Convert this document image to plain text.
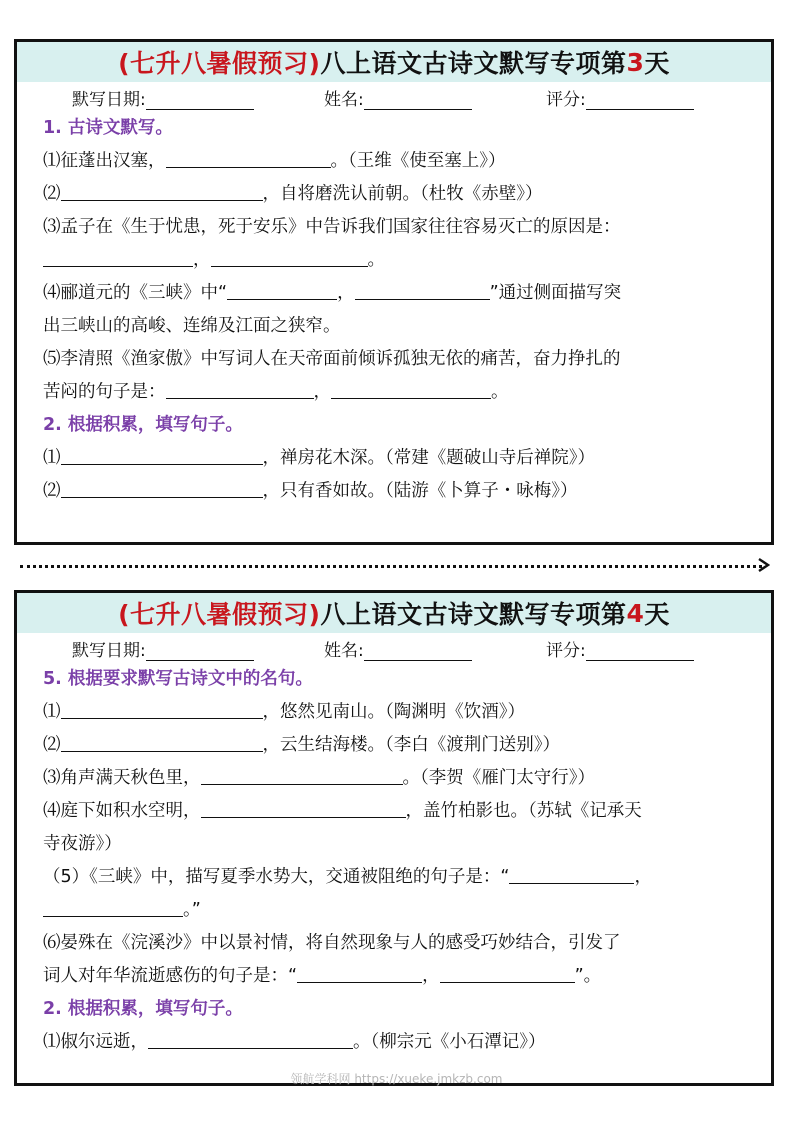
(七升八暑假预习) 八上语文古诗文默写专项第 3 天
默写日期:	姓名:	评分:
1. 古诗文默写。
⑴征蓬出汉塞，	。（王维《使至塞上》）
⑵	，自将磨洗认前朝。（杜牧《赤壁》）
⑶孟子在《生于忧患，死于安乐》中告诉我们国家往往容易灭亡的原因是：
，	。
⑷郦道元的《三峡》中“	，	”通过侧面描写突
出三峡山的高峻、连绵及江面之狭窄。
⑸李清照《渔家傲》中写词人在天帝面前倾诉孤独无依的痛苦，奋力挣扎的
苦闷的句子是：	，	。
2. 根据积累，填写句子。
⑴	，禅房花木深。（常建《题破山寺后禅院》）
⑵	，只有香如故。（陆游《卜算子・咏梅》）
(七升八暑假预习) 八上语文古诗文默写专项第 4 天
默写日期:	姓名:	评分:
5. 根据要求默写古诗文中的名句。
⑴	，悠然见南山。（陶渊明《饮酒》）
⑵	，云生结海楼。（李白《渡荆门送别》）
⑶角声满天秋色里，	。（李贺《雁门太守行》）
⑷庭下如积水空明，	，盖竹柏影也。（苏轼《记承天
寺夜游》）
（5）《三峡》中，描写夏季水势大，交通被阻绝的句子是：“	，
。”
⑹晏殊在《浣溪沙》中以景衬情，将自然现象与人的感受巧妙结合，引发了
词人对年华流逝感伤的句子是：“	，	”。
2. 根据积累，填写句子。
⑴俶尔远逝，	。（柳宗元《小石潭记》）
领航学科网 https://xueke.jmkzb.com
